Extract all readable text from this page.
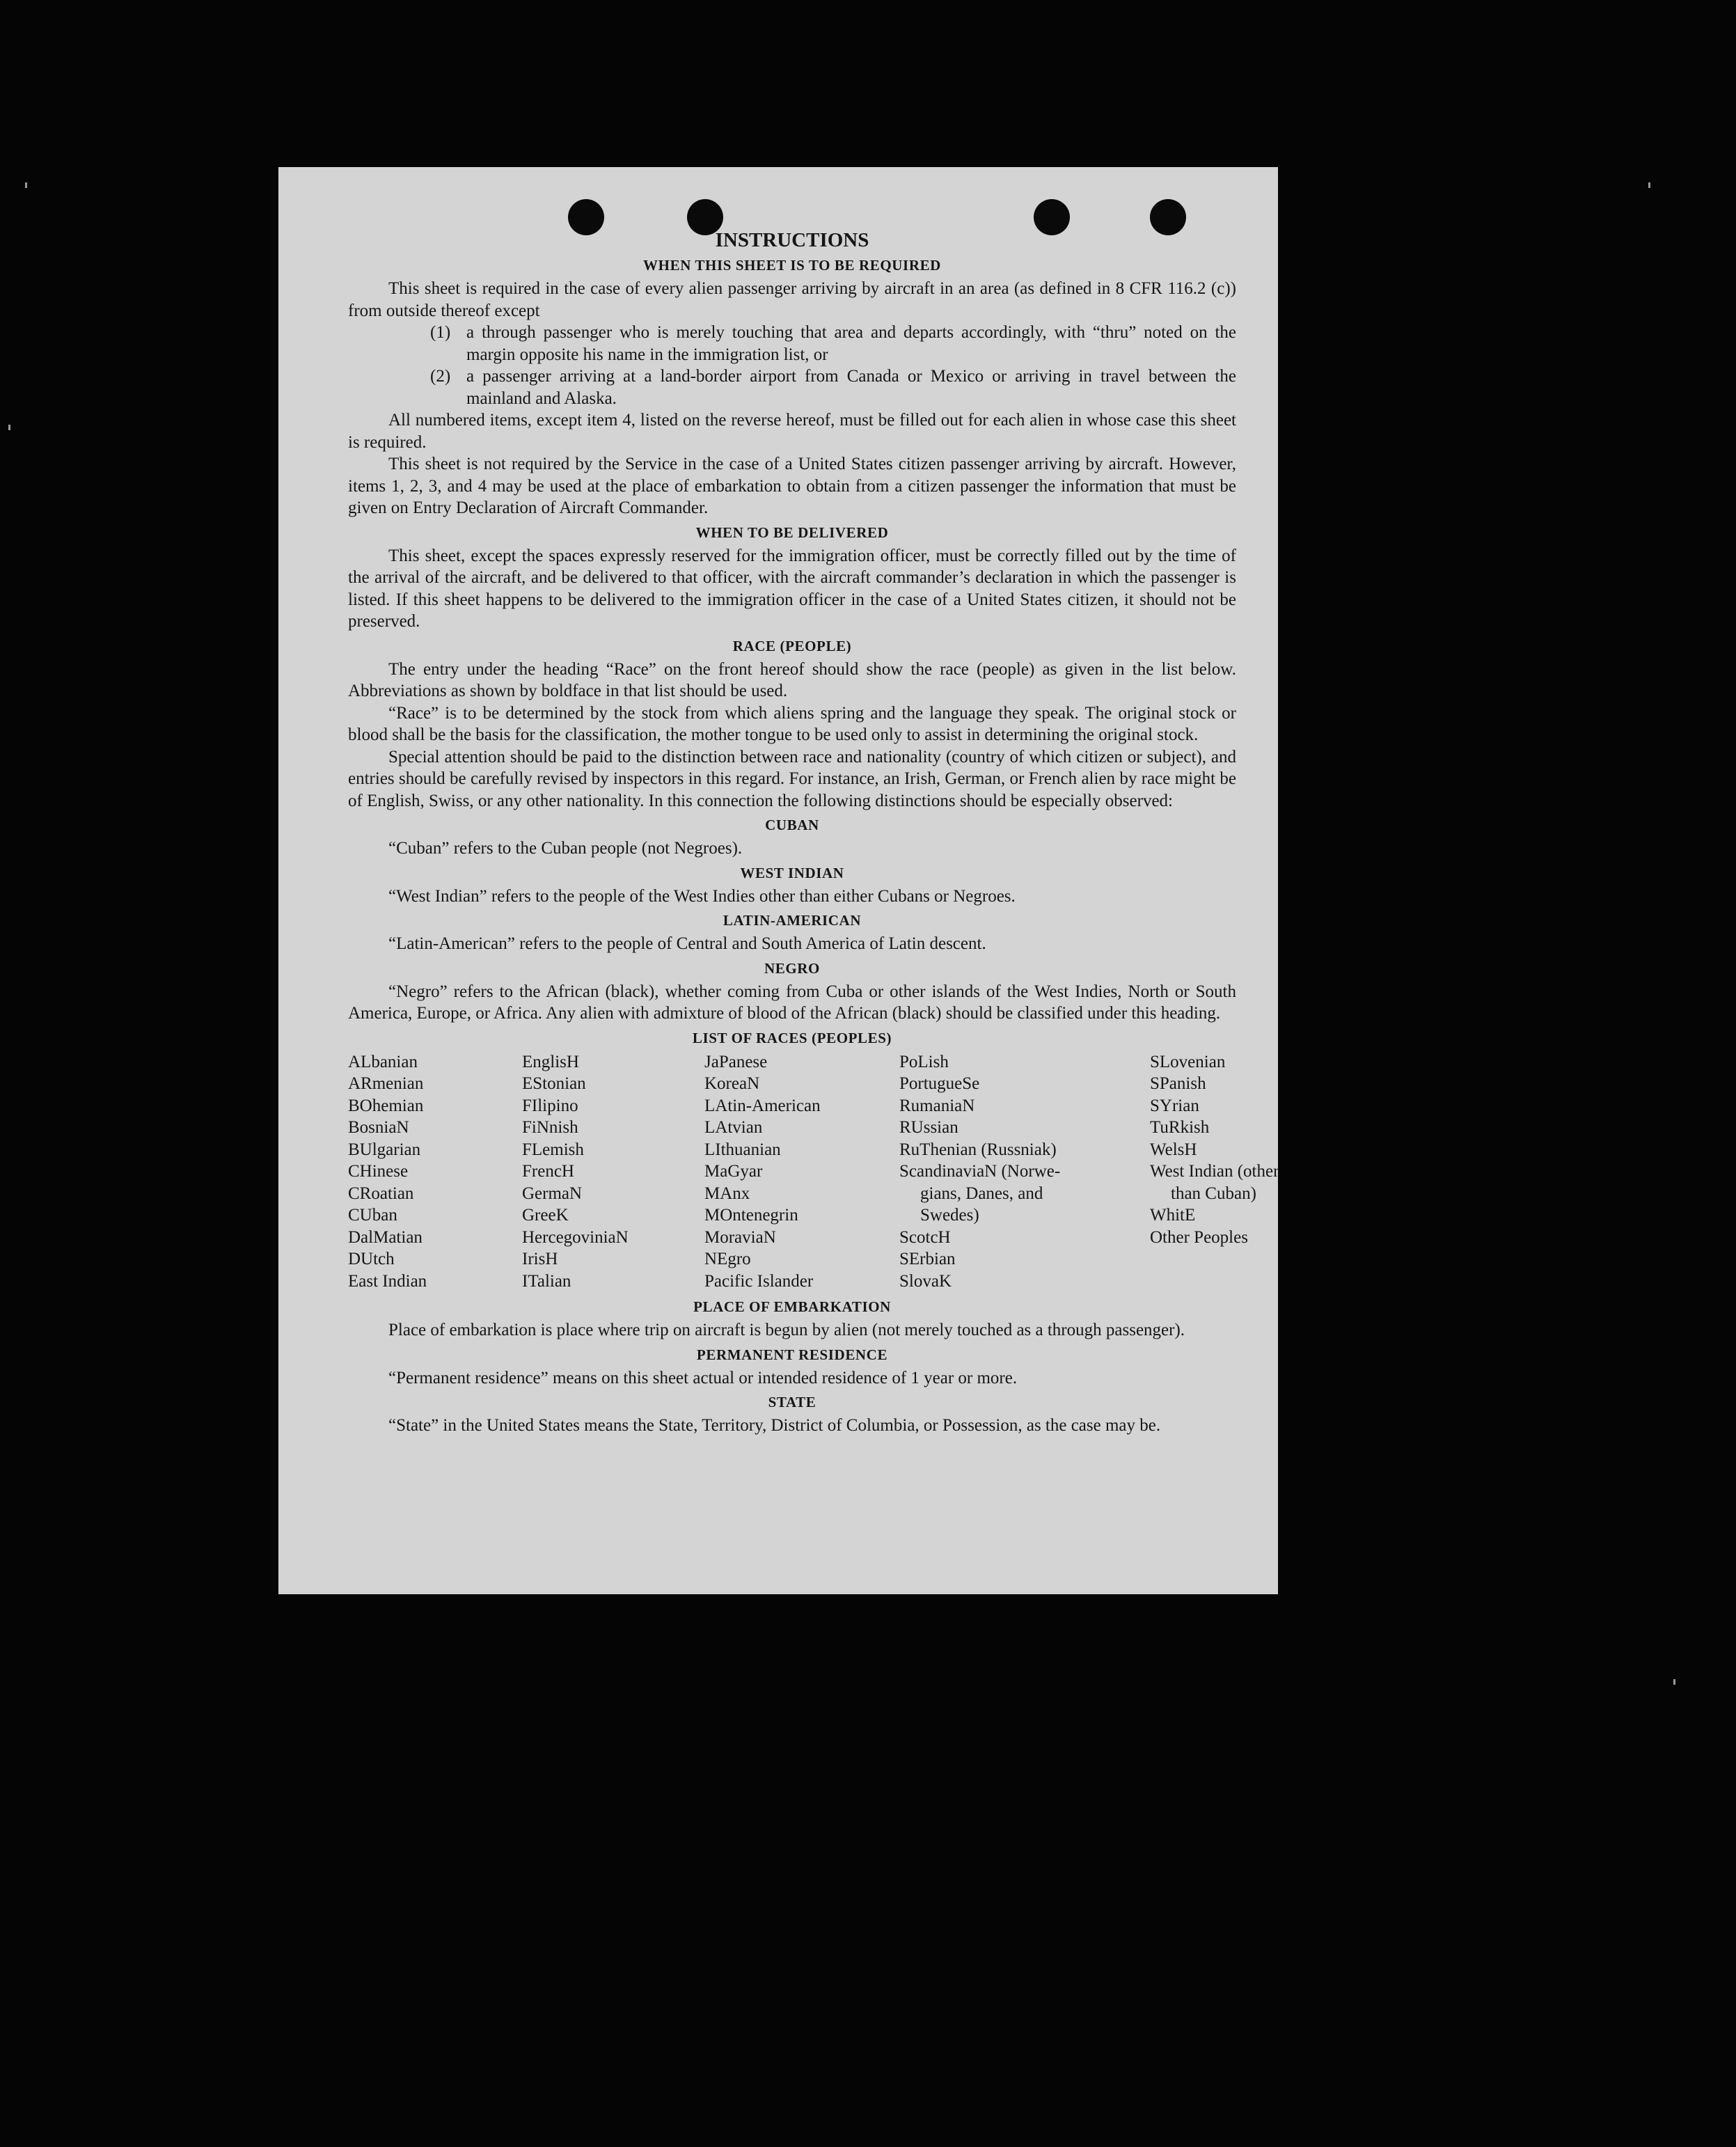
INSTRUCTIONS

WHEN THIS SHEET IS TO BE REQUIRED

This sheet is required in the case of every alien passenger arriving by aircraft in an area (as defined in 8 CFR 116.2 (c)) from outside thereof except

(1) a through passenger who is merely touching that area and departs accordingly, with “thru” noted on the margin opposite his name in the immigration list, or
(2) a passenger arriving at a land-border airport from Canada or Mexico or arriving in travel between the mainland and Alaska.

All numbered items, except item 4, listed on the reverse hereof, must be filled out for each alien in whose case this sheet is required.

This sheet is not required by the Service in the case of a United States citizen passenger arriving by aircraft. However, items 1, 2, 3, and 4 may be used at the place of embarkation to obtain from a citizen passenger the information that must be given on Entry Declaration of Aircraft Commander.

WHEN TO BE DELIVERED

This sheet, except the spaces expressly reserved for the immigration officer, must be correctly filled out by the time of the arrival of the aircraft, and be delivered to that officer, with the aircraft commander’s declaration in which the passenger is listed. If this sheet happens to be delivered to the immigration officer in the case of a United States citizen, it should not be preserved.

RACE (PEOPLE)

The entry under the heading “Race” on the front hereof should show the race (people) as given in the list below. Abbreviations as shown by boldface in that list should be used.

“Race” is to be determined by the stock from which aliens spring and the language they speak. The original stock or blood shall be the basis for the classification, the mother tongue to be used only to assist in determining the original stock.

Special attention should be paid to the distinction between race and nationality (country of which citizen or subject), and entries should be carefully revised by inspectors in this regard. For instance, an Irish, German, or French alien by race might be of English, Swiss, or any other nationality. In this connection the following distinctions should be especially observed:

CUBAN

“Cuban” refers to the Cuban people (not Negroes).

WEST INDIAN

“West Indian” refers to the people of the West Indies other than either Cubans or Negroes.

LATIN-AMERICAN

“Latin-American” refers to the people of Central and South America of Latin descent.

NEGRO

“Negro” refers to the African (black), whether coming from Cuba or other islands of the West Indies, North or South America, Europe, or Africa. Any alien with admixture of blood of the African (black) should be classified under this heading.

LIST OF RACES (PEOPLES)
ALbanian
ARmenian
BOhemian
BosniaN
BUlgarian
CHinese
CRoatian
CUban
DalMatian
DUtch
East Indian
EnglisH
EStonian
FIlipino
FiNnish
FLemish
FrencH
GermaN
GreeK
HercegoviniaN
IrisH
ITalian
JaPanese
KoreaN
LAtin-American
LAtvian
LIthuanian
MaGyar
MAnx
MOntenegrin
MoraviaN
NEgro
Pacific Islander
PoLish
PortugueSe
RumaniaN
RUssian
RuThenian (Russniak)
ScandinaviaN (Norwe-
gians, Danes, and
Swedes)
ScotcH
SErbian
SlovaK
SLovenian
SPanish
SYrian
TuRkish
WelsH
West Indian (other
than Cuban)
WhitE
Other Peoples
PLACE OF EMBARKATION

Place of embarkation is place where trip on aircraft is begun by alien (not merely touched as a through passenger).

PERMANENT RESIDENCE

“Permanent residence” means on this sheet actual or intended residence of 1 year or more.

STATE

“State” in the United States means the State, Territory, District of Columbia, or Possession, as the case may be.
